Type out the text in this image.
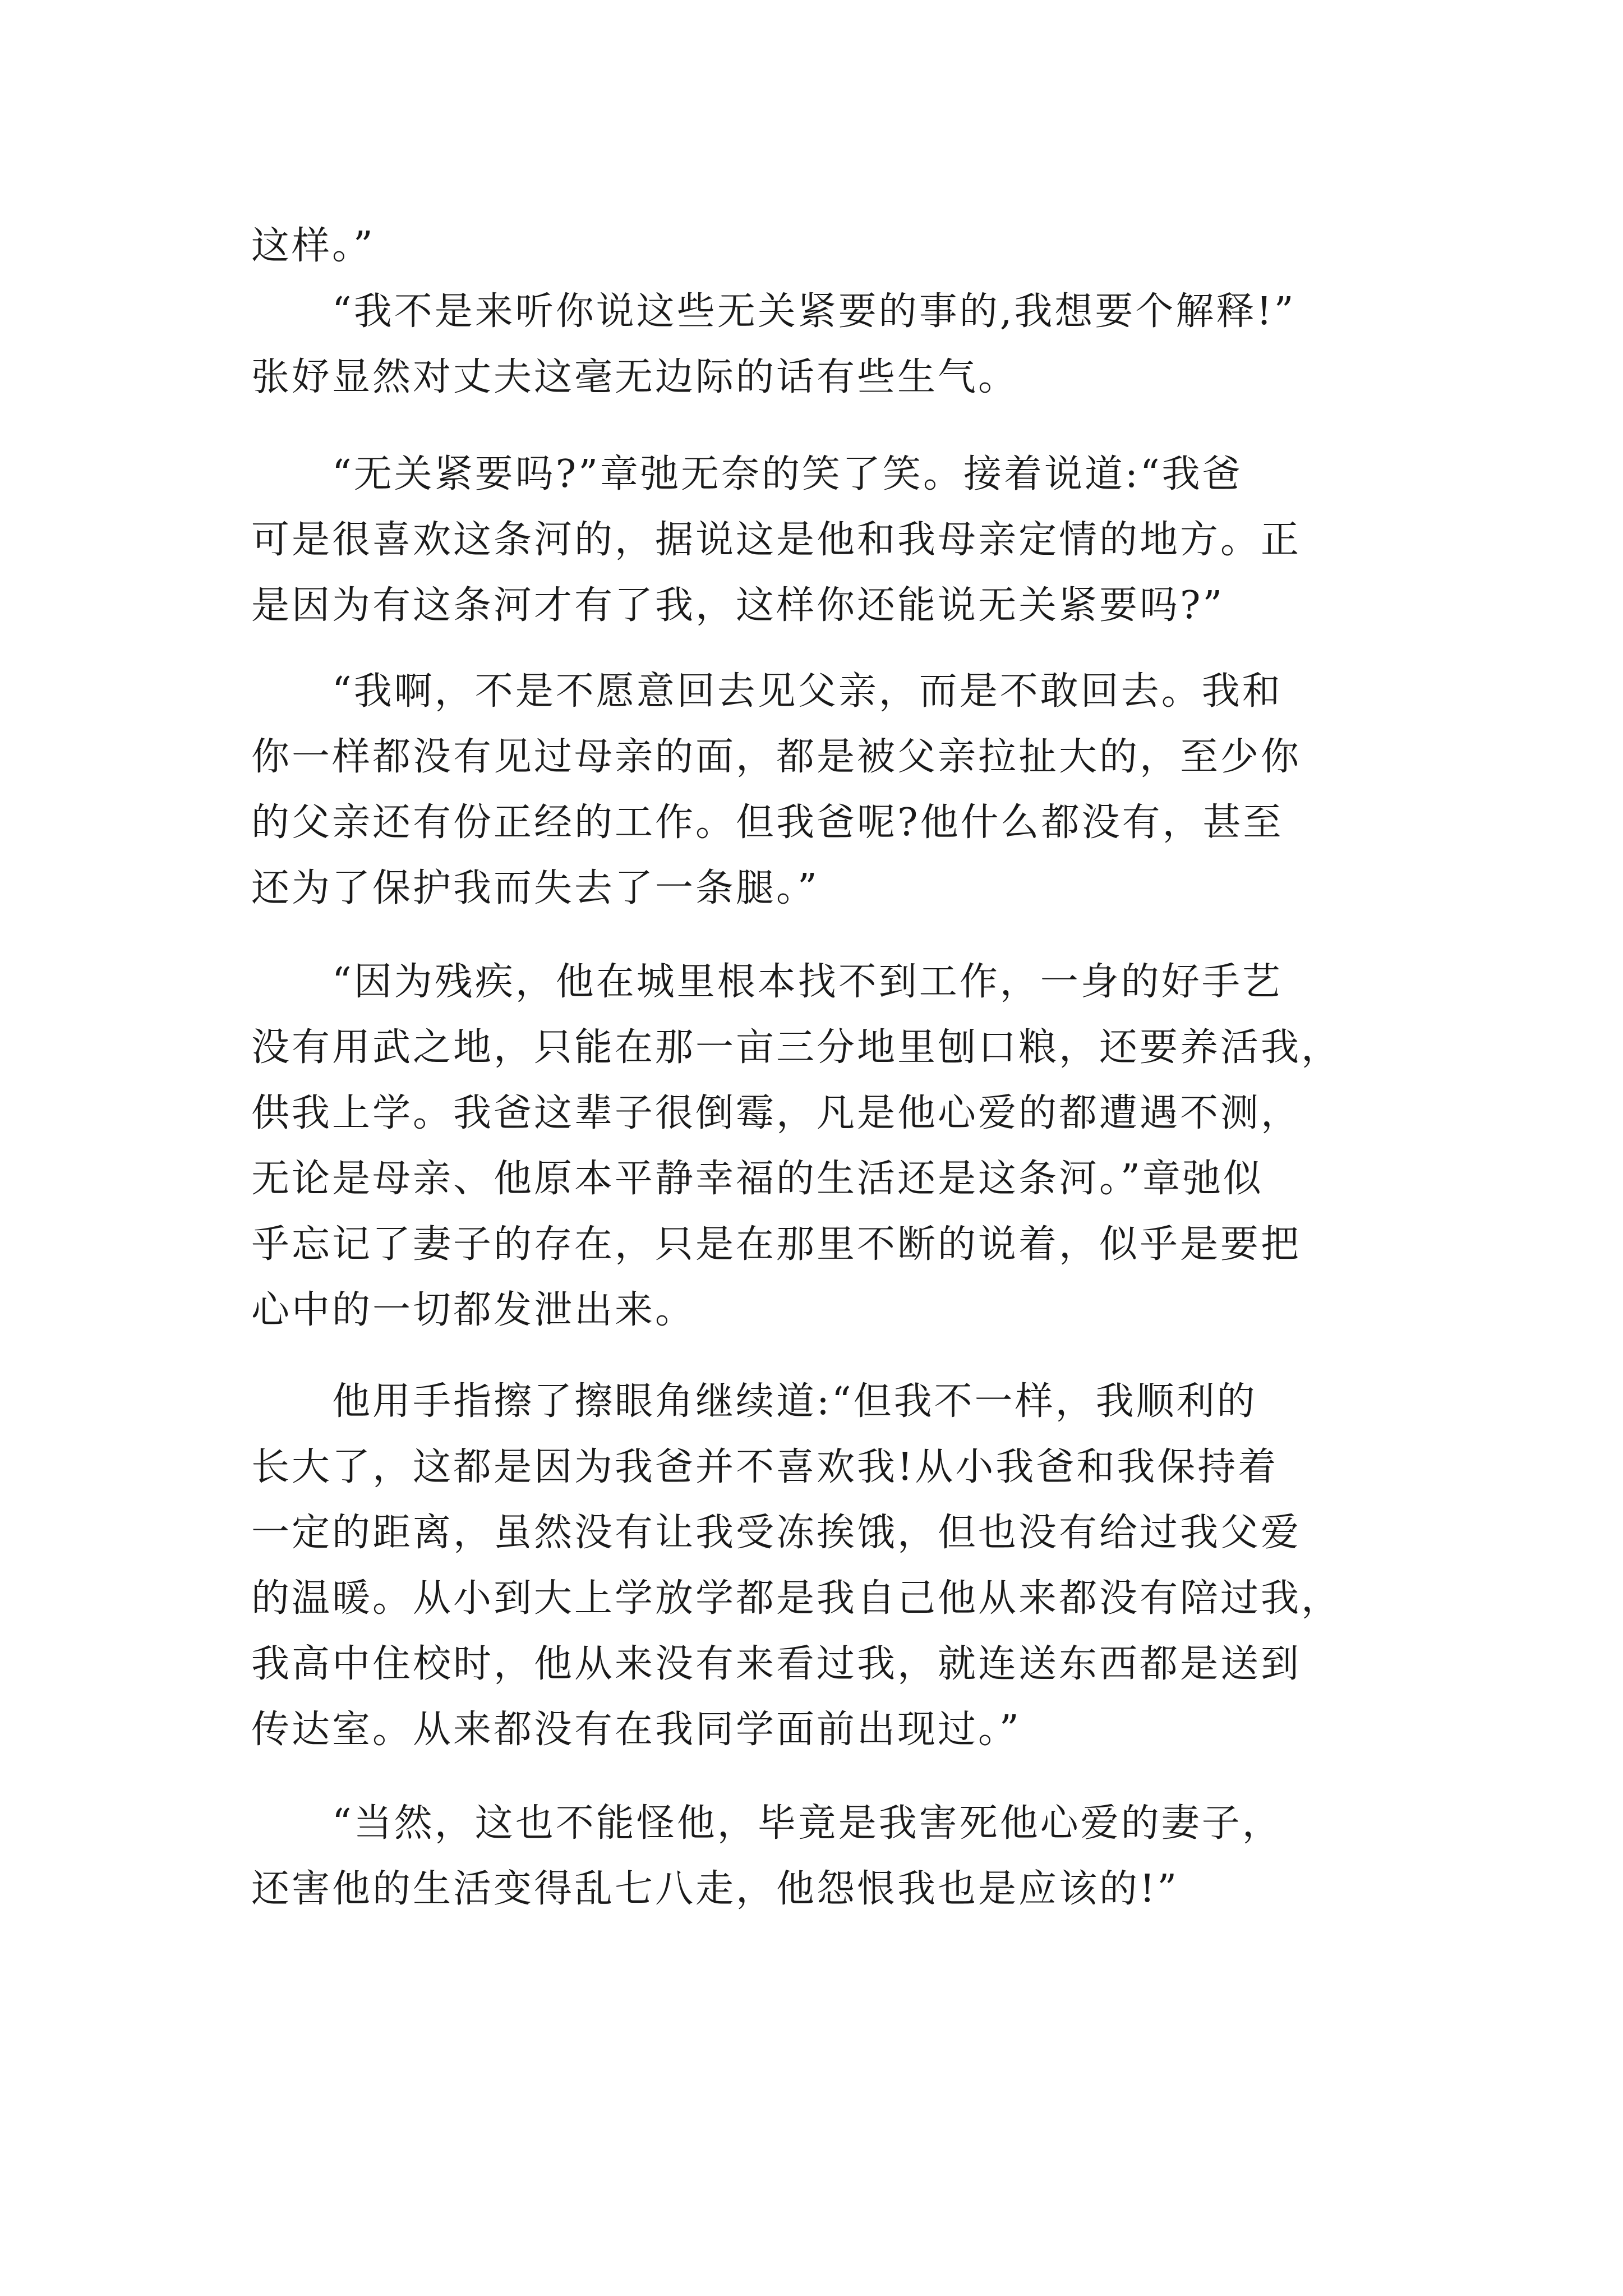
这样。”
“我不是来听你说这些无关紧要的事的,我想要个解释!”
张妤显然对丈夫这毫无边际的话有些生气。
“无关紧要吗?”章弛无奈的笑了笑。接着说道:“我爸
可是很喜欢这条河的，据说这是他和我母亲定情的地方。正
是因为有这条河才有了我，这样你还能说无关紧要吗?”
“我啊，不是不愿意回去见父亲，而是不敢回去。我和
你一样都没有见过母亲的面，都是被父亲拉扯大的，至少你
的父亲还有份正经的工作。但我爸呢?他什么都没有，甚至
还为了保护我而失去了一条腿。”
“因为残疾，他在城里根本找不到工作，一身的好手艺
没有用武之地，只能在那一亩三分地里刨口粮，还要养活我，
供我上学。我爸这辈子很倒霉，凡是他心爱的都遭遇不测，
无论是母亲、他原本平静幸福的生活还是这条河。”章弛似
乎忘记了妻子的存在，只是在那里不断的说着，似乎是要把
心中的一切都发泄出来。
他用手指擦了擦眼角继续道:“但我不一样，我顺利的
长大了，这都是因为我爸并不喜欢我!从小我爸和我保持着
一定的距离，虽然没有让我受冻挨饿，但也没有给过我父爱
的温暖。从小到大上学放学都是我自己他从来都没有陪过我，
我高中住校时，他从来没有来看过我，就连送东西都是送到
传达室。从来都没有在我同学面前出现过。”
“当然，这也不能怪他，毕竟是我害死他心爱的妻子，
还害他的生活变得乱七八走，他怨恨我也是应该的!”
